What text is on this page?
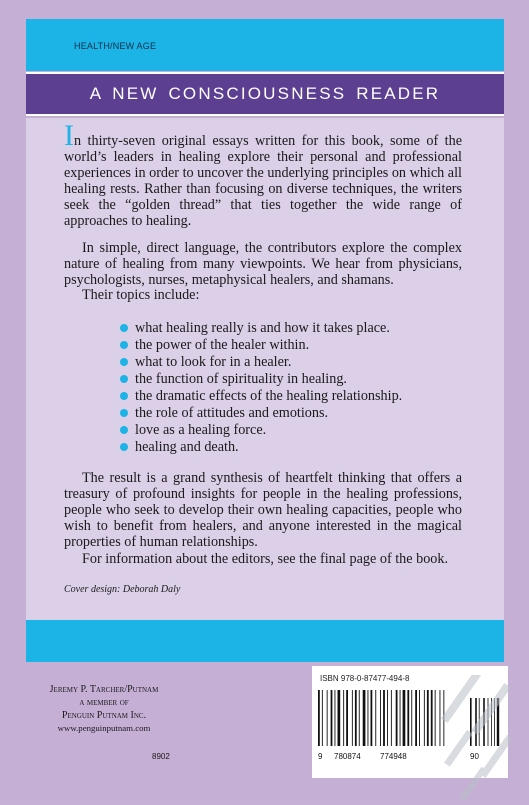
HEALTH/NEW AGE
A NEW CONSCIOUSNESS READER
In thirty-seven original essays written for this book, some of the world’s leaders in healing explore their personal and professional experiences in order to uncover the underlying principles on which all healing rests. Rather than focusing on diverse techniques, the writers seek the “golden thread” that ties together the wide range of approaches to healing.
In simple, direct language, the contributors explore the complex nature of healing from many viewpoints. We hear from physicians, psychologists, nurses, metaphysical healers, and shamans.
Their topics include:
what healing really is and how it takes place.
the power of the healer within.
what to look for in a healer.
the function of spirituality in healing.
the dramatic effects of the healing relationship.
the role of attitudes and emotions.
love as a healing force.
healing and death.
The result is a grand synthesis of heartfelt thinking that offers a treasury of profound insights for people in the healing professions, people who seek to develop their own healing capacities, people who wish to benefit from healers, and anyone interested in the magical properties of human relationships.
For information about the editors, see the final page of the book.
Cover design: Deborah Daly
Jeremy P. Tarcher/Putnam
a member of
Penguin Putnam Inc.
www.penguinputnam.com
8902
ISBN 978-0-87477-494-8
9 780874 774948	90
